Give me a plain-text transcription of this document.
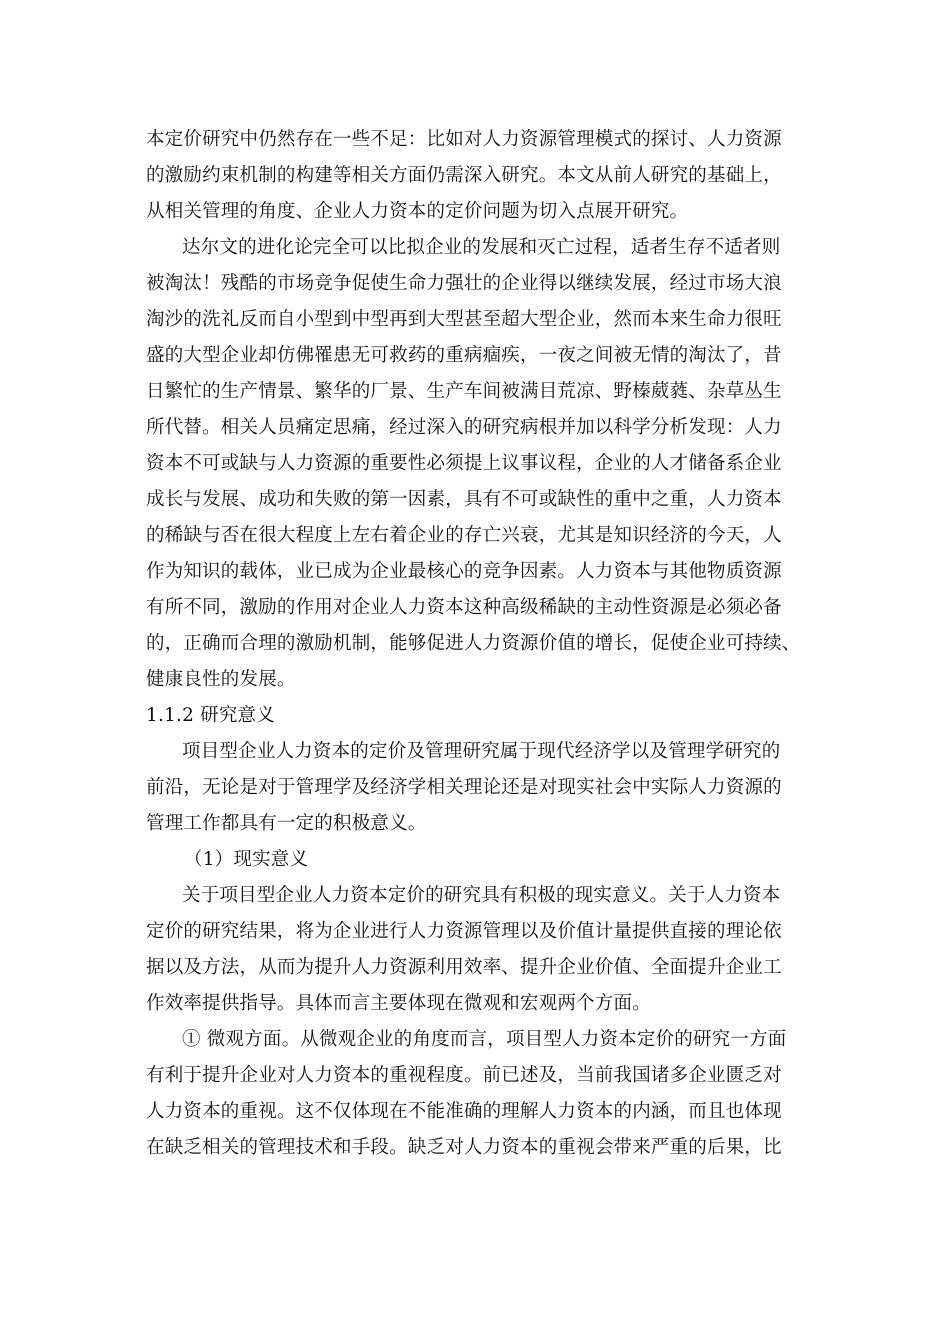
本定价研究中仍然存在一些不足：比如对人力资源管理模式的探讨、人力资源
的激励约束机制的构建等相关方面仍需深入研究。本文从前人研究的基础上，
从相关管理的角度、企业人力资本的定价问题为切入点展开研究。
达尔文的进化论完全可以比拟企业的发展和灭亡过程，适者生存不适者则
被淘汰！残酷的市场竞争促使生命力强壮的企业得以继续发展，经过市场大浪
淘沙的洗礼反而自小型到中型再到大型甚至超大型企业，然而本来生命力很旺
盛的大型企业却仿佛罹患无可救药的重病痼疾，一夜之间被无情的淘汰了，昔
日繁忙的生产情景、繁华的厂景、生产车间被满目荒凉、野榛葳蕤、杂草丛生
所代替。相关人员痛定思痛，经过深入的研究病根并加以科学分析发现：人力
资本不可或缺与人力资源的重要性必须提上议事议程，企业的人才储备系企业
成长与发展、成功和失败的第一因素，具有不可或缺性的重中之重，人力资本
的稀缺与否在很大程度上左右着企业的存亡兴衰，尤其是知识经济的今天，人
作为知识的载体，业已成为企业最核心的竞争因素。人力资本与其他物质资源
有所不同，激励的作用对企业人力资本这种高级稀缺的主动性资源是必须必备
的，正确而合理的激励机制，能够促进人力资源价值的增长，促使企业可持续、
健康良性的发展。
1.1.2 研究意义
项目型企业人力资本的定价及管理研究属于现代经济学以及管理学研究的
前沿，无论是对于管理学及经济学相关理论还是对现实社会中实际人力资源的
管理工作都具有一定的积极意义。
（1）现实意义
关于项目型企业人力资本定价的研究具有积极的现实意义。关于人力资本
定价的研究结果，将为企业进行人力资源管理以及价值计量提供直接的理论依
据以及方法，从而为提升人力资源利用效率、提升企业价值、全面提升企业工
作效率提供指导。具体而言主要体现在微观和宏观两个方面。
① 微观方面。从微观企业的角度而言，项目型人力资本定价的研究一方面
有利于提升企业对人力资本的重视程度。前已述及，当前我国诸多企业匮乏对
人力资本的重视。这不仅体现在不能准确的理解人力资本的内涵，而且也体现
在缺乏相关的管理技术和手段。缺乏对人力资本的重视会带来严重的后果，比
